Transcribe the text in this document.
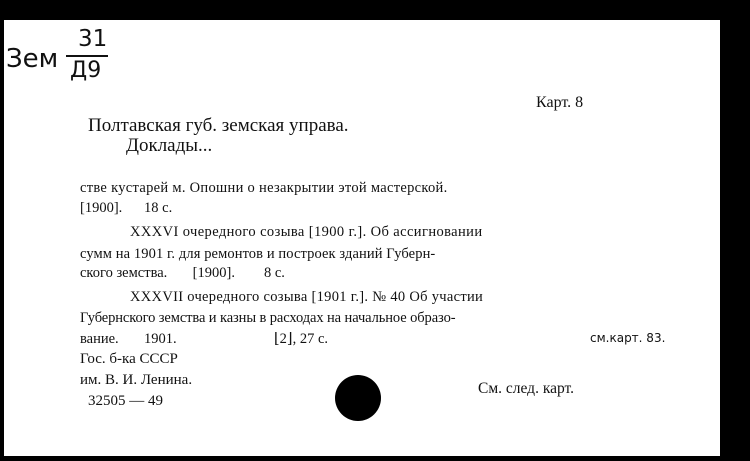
Зем
31
Д9
Карт. 8
Полтавская губ. земская управа.
Доклады...
стве кустарей м. Опошни о незакрытии этой мастерской.
[1900].      18 с.
XXXVI очередного созыва [1900 г.]. Об ассигновании
сумм на 1901 г. для ремонтов и построек зданий Губерн-
ского земства.       [1900].        8 с.
XXXVII очередного созыва [1901 г.]. № 40 Об участии
Губернского земства и казны в расходах на начальное образо-
вание.       1901.	⌊2⌋, 27 с.	см.карт. 83.
Гос. б-ка СССР
им. В. И. Ленина.
32505 — 49
См. след. карт.
